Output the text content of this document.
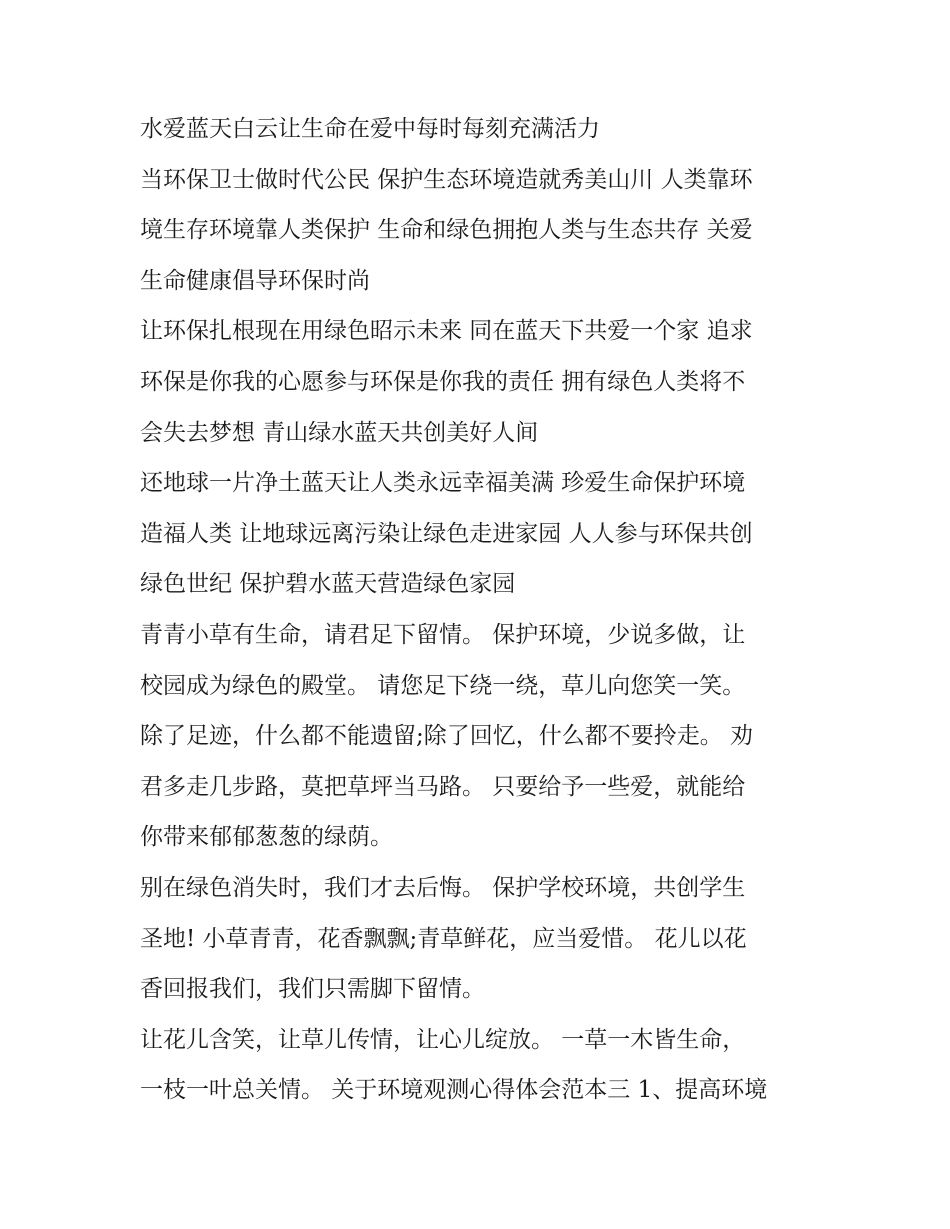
水爱蓝天白云让生命在爱中每时每刻充满活力

当环保卫士做时代公民 保护生态环境造就秀美山川 人类靠环
境生存环境靠人类保护 生命和绿色拥抱人类与生态共存 关爱
生命健康倡导环保时尚

让环保扎根现在用绿色昭示未来 同在蓝天下共爱一个家 追求
环保是你我的心愿参与环保是你我的责任 拥有绿色人类将不
会失去梦想 青山绿水蓝天共创美好人间

还地球一片净土蓝天让人类永远幸福美满 珍爱生命保护环境
造福人类 让地球远离污染让绿色走进家园 人人参与环保共创
绿色世纪 保护碧水蓝天营造绿色家园

青青小草有生命，请君足下留情。 保护环境，少说多做，让
校园成为绿色的殿堂。 请您足下绕一绕，草儿向您笑一笑。
除了足迹，什么都不能遗留;除了回忆，什么都不要拎走。 劝
君多走几步路，莫把草坪当马路。 只要给予一些爱，就能给
你带来郁郁葱葱的绿荫。

别在绿色消失时，我们才去后悔。 保护学校环境，共创学生
圣地! 小草青青，花香飘飘;青草鲜花，应当爱惜。 花儿以花
香回报我们，我们只需脚下留情。

让花儿含笑，让草儿传情，让心儿绽放。 一草一木皆生命，
一枝一叶总关情。 关于环境观测心得体会范本三 1、提高环境
